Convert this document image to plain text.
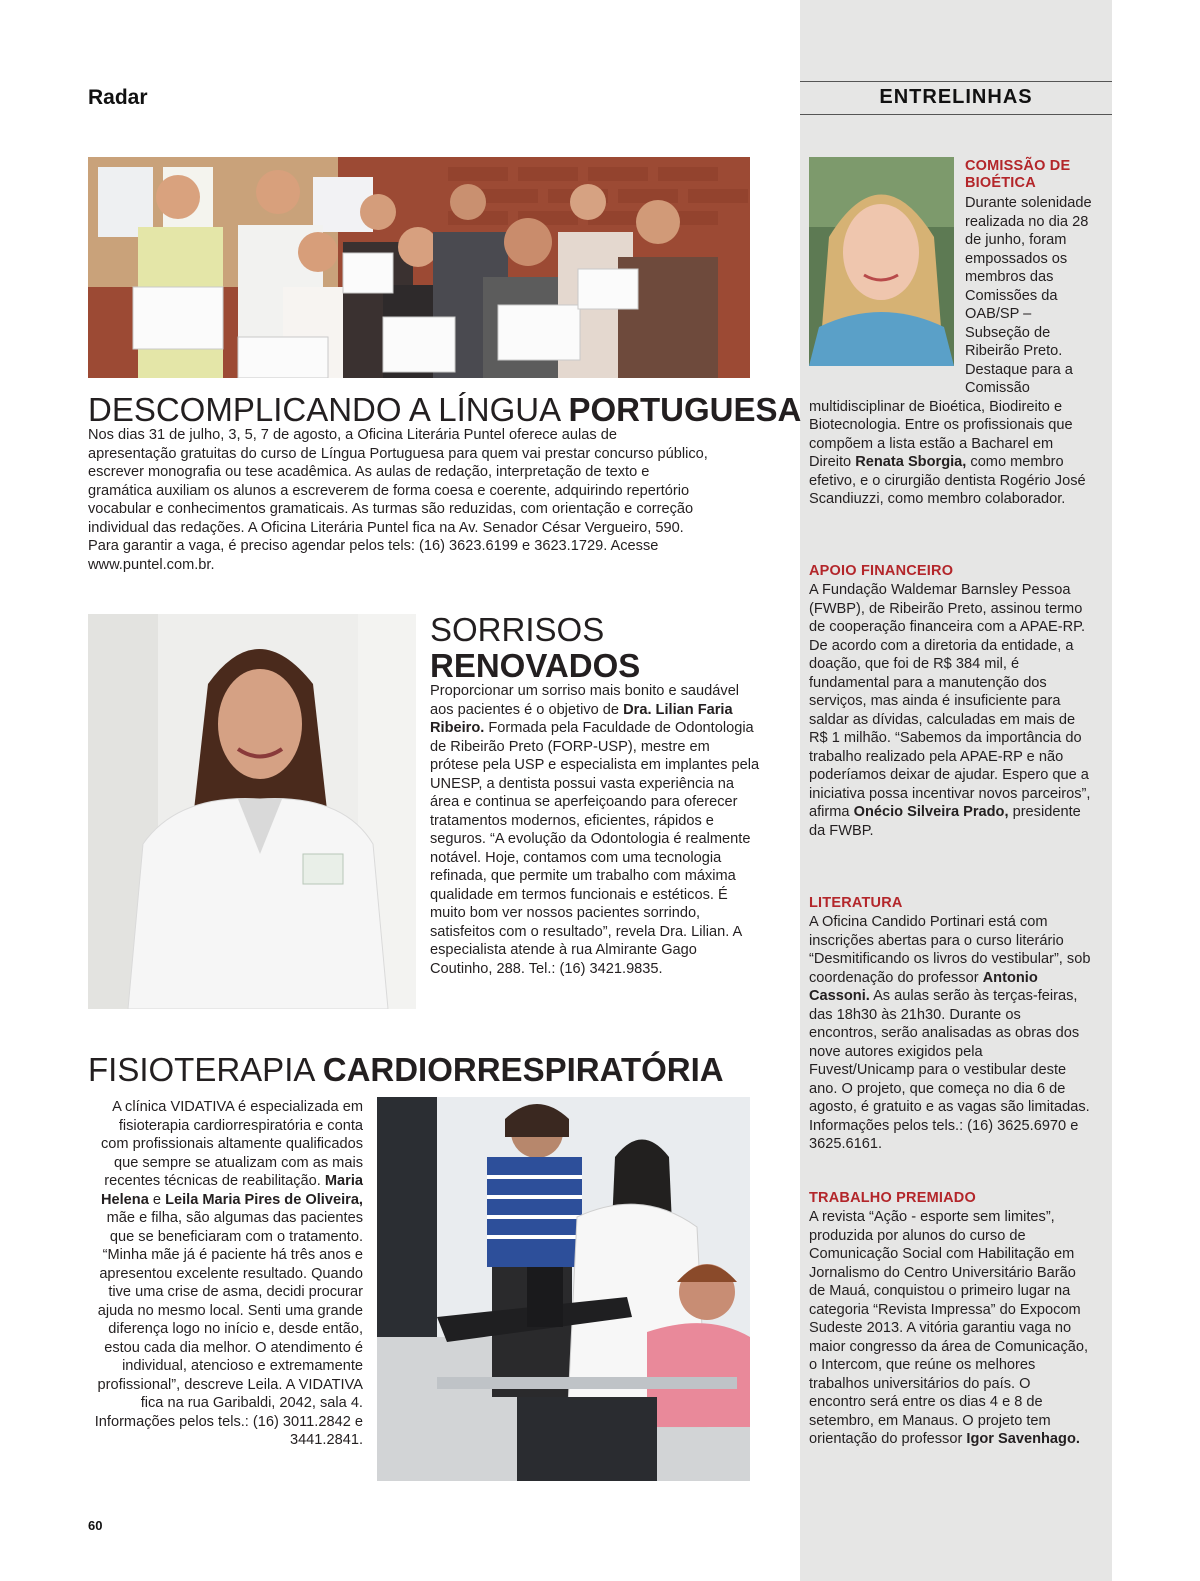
Radar	ENTRELINHAS
DESCOMPLICANDO A LÍNGUA PORTUGUESA
Nos dias 31 de julho, 3, 5, 7 de agosto, a Oficina Literária Puntel oferece aulas de apresentação gratuitas do curso de Língua Portuguesa para quem vai prestar concurso público, escrever monografia ou tese acadêmica. As aulas de redação, interpretação de texto e gramática auxiliam os alunos a escreverem de forma coesa e coerente, adquirindo repertório vocabular e conhecimentos gramaticais. As turmas são reduzidas, com orientação e correção individual das redações. A Oficina Literária Puntel fica na Av. Senador César Vergueiro, 590. Para garantir a vaga, é preciso agendar pelos tels: (16) 3623.6199 e 3623.1729. Acesse www.puntel.com.br.
SORRISOS
RENOVADOS
Proporcionar um sorriso mais bonito e saudável aos pacientes é o objetivo de Dra. Lilian Faria Ribeiro. Formada pela Faculdade de Odontologia de Ribeirão Preto (FORP-USP), mestre em prótese pela USP e especialista em implantes pela UNESP, a dentista possui vasta experiência na área e continua se aperfeiçoando para oferecer tratamentos modernos, eficientes, rápidos e seguros. “A evolução da Odontologia é realmente notável. Hoje, contamos com uma tecnologia refinada, que permite um trabalho com máxima qualidade em termos funcionais e estéticos. É muito bom ver nossos pacientes sorrindo, satisfeitos com o resultado”, revela Dra. Lilian. A especialista atende à rua Almirante Gago Coutinho, 288. Tel.: (16) 3421.9835.
FISIOTERAPIA CARDIORRESPIRATÓRIA
A clínica VIDATIVA é especializada em fisioterapia cardiorrespiratória e conta com profissionais altamente qualificados que sempre se atualizam com as mais recentes técnicas de reabilitação. Maria Helena e Leila Maria Pires de Oliveira, mãe e filha, são algumas das pacientes que se beneficiaram com o tratamento. “Minha mãe já é paciente há três anos e apresentou excelente resultado. Quando tive uma crise de asma, decidi procurar ajuda no mesmo local. Senti uma grande diferença logo no início e, desde então, estou cada dia melhor. O atendimento é individual, atencioso e extremamente profissional”, descreve Leila. A VIDATIVA fica na rua Garibaldi, 2042, sala 4. Informações pelos tels.: (16) 3011.2842 e 3441.2841.
COMISSÃO DE BIOÉTICA
Durante solenidade realizada no dia 28 de junho, foram empossados os membros das Comissões da OAB/SP – Subseção de Ribeirão Preto. Destaque para a Comissão multidisciplinar de Bioética, Biodireito e Biotecnologia. Entre os profissionais que compõem a lista estão a Bacharel em Direito Renata Sborgia, como membro efetivo, e o cirurgião dentista Rogério José Scandiuzzi, como membro colaborador.
APOIO FINANCEIRO
A Fundação Waldemar Barnsley Pessoa (FWBP), de Ribeirão Preto, assinou termo de cooperação financeira com a APAE-RP. De acordo com a diretoria da entidade, a doação, que foi de R$ 384 mil, é fundamental para a manutenção dos serviços, mas ainda é insuficiente para saldar as dívidas, calculadas em mais de R$ 1 milhão. “Sabemos da importância do trabalho realizado pela APAE-RP e não poderíamos deixar de ajudar. Espero que a iniciativa possa incentivar novos parceiros”, afirma Onécio Silveira Prado, presidente da FWBP.
LITERATURA
A Oficina Candido Portinari está com inscrições abertas para o curso literário “Desmitificando os livros do vestibular”, sob coordenação do professor Antonio Cassoni. As aulas serão às terças-feiras, das 18h30 às 21h30. Durante os encontros, serão analisadas as obras dos nove autores exigidos pela Fuvest/Unicamp para o vestibular deste ano. O projeto, que começa no dia 6 de agosto, é gratuito e as vagas são limitadas. Informações pelos tels.: (16) 3625.6970 e 3625.6161.
TRABALHO PREMIADO
A revista “Ação - esporte sem limites”, produzida por alunos do curso de Comunicação Social com Habilitação em Jornalismo do Centro Universitário Barão de Mauá, conquistou o primeiro lugar na categoria “Revista Impressa” do Expocom Sudeste 2013. A vitória garantiu vaga no maior congresso da área de Comunicação, o Intercom, que reúne os melhores trabalhos universitários do país. O encontro será entre os dias 4 e 8 de setembro, em Manaus. O projeto tem orientação do professor Igor Savenhago.
60
